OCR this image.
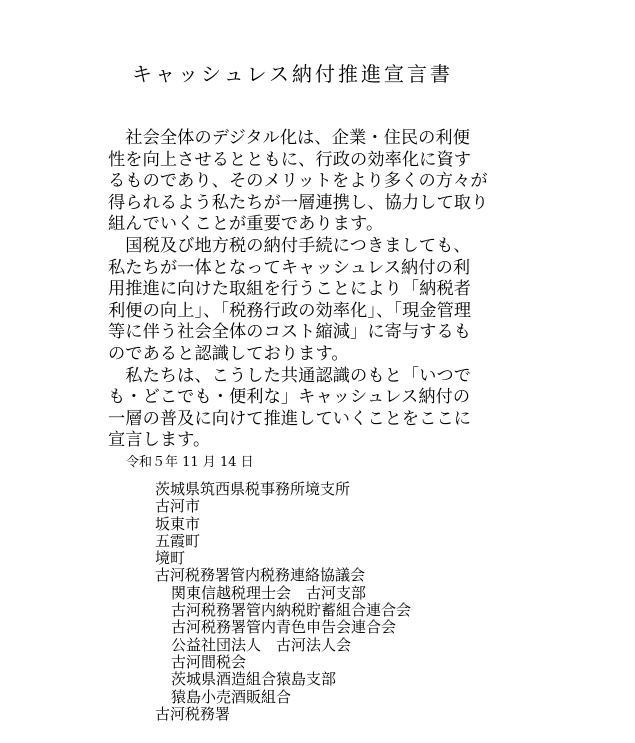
キャッシュレス納付推進宣言書
　社会全体のデジタル化は、企業・住民の利便
性を向上させるとともに、行政の効率化に資す
るものであり、そのメリットをより多くの方々が
得られるよう私たちが一層連携し、協力して取り
組んでいくことが重要であります。
　国税及び地方税の納付手続につきましても、
私たちが一体となってキャッシュレス納付の利
用推進に向けた取組を行うことにより「納税者
利便の向上」、「税務行政の効率化」、「現金管理
等に伴う社会全体のコスト縮減」に寄与するも
のであると認識しております。
　私たちは、こうした共通認識のもと「いつで
も・どこでも・便利な」キャッシュレス納付の
一層の普及に向けて推進していくことをここに
宣言します。
令和５年 11 月 14 日
茨城県筑西県税事務所境支所
古河市
坂東市
五霞町
境町
古河税務署管内税務連絡協議会
関東信越税理士会　古河支部
古河税務署管内納税貯蓄組合連合会
古河税務署管内青色申告会連合会
公益社団法人　古河法人会
古河間税会
茨城県酒造組合猿島支部
猿島小売酒販組合
古河税務署
